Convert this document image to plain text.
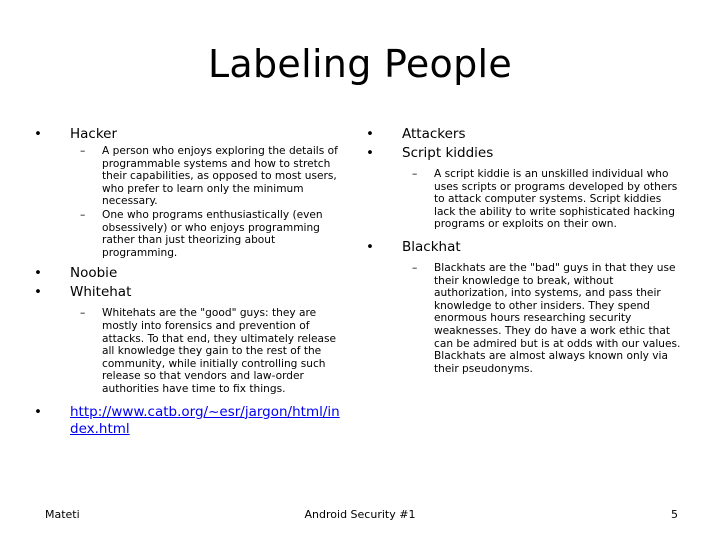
Labeling People
• Hacker
– A person who enjoys exploring the details of programmable systems and how to stretch their capabilities, as opposed to most users, who prefer to learn only the minimum necessary.
– One who programs enthusiastically (even obsessively) or who enjoys programming rather than just theorizing about programming.
• Noobie
• Whitehat
– Whitehats are the "good" guys: they are mostly into forensics and prevention of attacks. To that end, they ultimately release all knowledge they gain to the rest of the community, while initially controlling such release so that vendors and law-order authorities have time to fix things.
• http://www.catb.org/~esr/jargon/html/index.html
• Attackers
• Script kiddies
– A script kiddie is an unskilled individual who uses scripts or programs developed by others to attack computer systems. Script kiddies lack the ability to write sophisticated hacking programs or exploits on their own.
• Blackhat
– Blackhats are the "bad" guys in that they use their knowledge to break, without authorization, into systems, and pass their knowledge to other insiders. They spend enormous hours researching security weaknesses. They do have a work ethic that can be admired but is at odds with our values. Blackhats are almost always known only via their pseudonyms.
Mateti	Android Security #1	5
